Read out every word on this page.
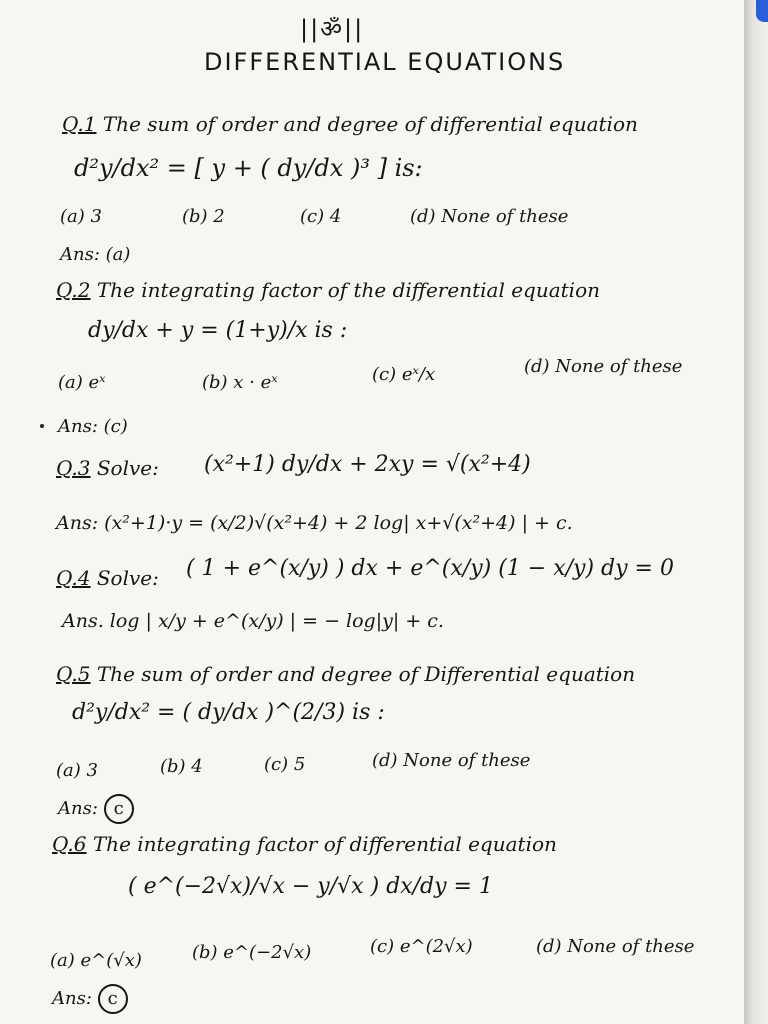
||ॐ||
DIFFERENTIAL EQUATIONS
Q.1 The sum of order and degree of differential equation
d²y/dx² = [ y + ( dy/dx )³ ] is:
(a) 3	(b) 2	(c) 4	(d) None of these
Ans: (a)
Q.2 The integrating factor of the differential equation
dy/dx + y = (1+y)/x is :
(a) eˣ	(b) x · eˣ	(c) eˣ/x	(d) None of these
Ans: (c)
Q.3 Solve: (x²+1) dy/dx + 2xy = √(x²+4)
Ans: (x²+1)·y = (x/2)√(x²+4) + 2 log| x+√(x²+4) | + c.
Q.4 Solve: ( 1 + e^(x/y) ) dx + e^(x/y) (1 − x/y) dy = 0
Ans. log | x/y + e^(x/y) | = − log|y| + c.
Q.5 The sum of order and degree of Differential equation
d²y/dx² = ( dy/dx )^(2/3) is :
(a) 3	(b) 4	(c) 5	(d) None of these
Ans: c
Q.6 The integrating factor of differential equation
( e^(−2√x)/√x − y/√x ) dx/dy = 1
(a) e^(√x)	(b) e^(−2√x)	(c) e^(2√x)	(d) None of these
Ans: c
